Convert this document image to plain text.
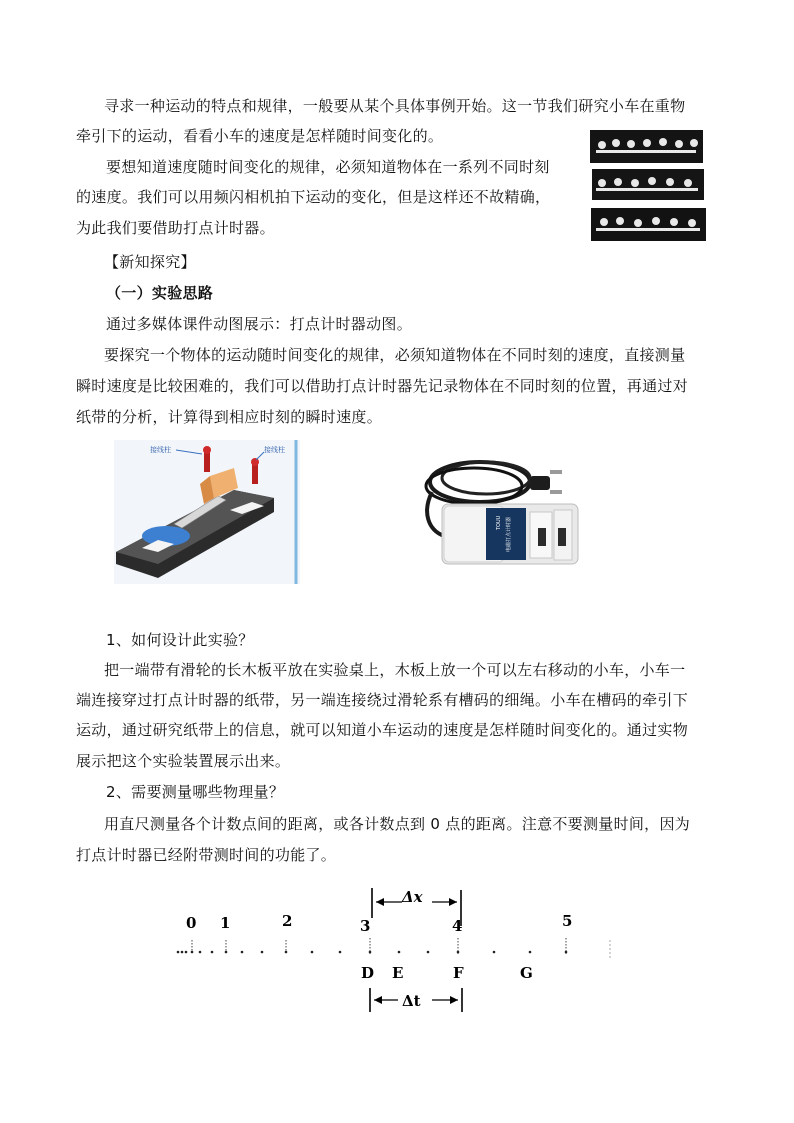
寻求一种运动的特点和规律，一般要从某个具体事例开始。这一节我们研究小车在重物
牵引下的运动，看看小车的速度是怎样随时间变化的。
要想知道速度随时间变化的规律，必须知道物体在一系列不同时刻
的速度。我们可以用频闪相机拍下运动的变化，但是这样还不故精确，
为此我们要借助打点计时器。
【新知探究】
（一）实验思路
通过多媒体课件动图展示：打点计时器动图。
要探究一个物体的运动随时间变化的规律，必须知道物体在不同时刻的速度，直接测量
瞬时速度是比较困难的，我们可以借助打点计时器先记录物体在不同时刻的位置，再通过对
纸带的分析，计算得到相应时刻的瞬时速度。
接线柱	接线柱
TOUU 电磁打点计时器
1、如何设计此实验？
把一端带有滑轮的长木板平放在实验桌上，木板上放一个可以左右移动的小车，小车一
端连接穿过打点计时器的纸带，另一端连接绕过滑轮系有槽码的细绳。小车在槽码的牵引下
运动，通过研究纸带上的信息，就可以知道小车运动的速度是怎样随时间变化的。通过实物
展示把这个实验装置展示出来。
2、需要测量哪些物理量？
用直尺测量各个计数点间的距离，或各计数点到 0 点的距离。注意不要测量时间，因为
打点计时器已经附带测时间的功能了。
Δx
0 1	2	3	4	5
D E	F	G
Δt
